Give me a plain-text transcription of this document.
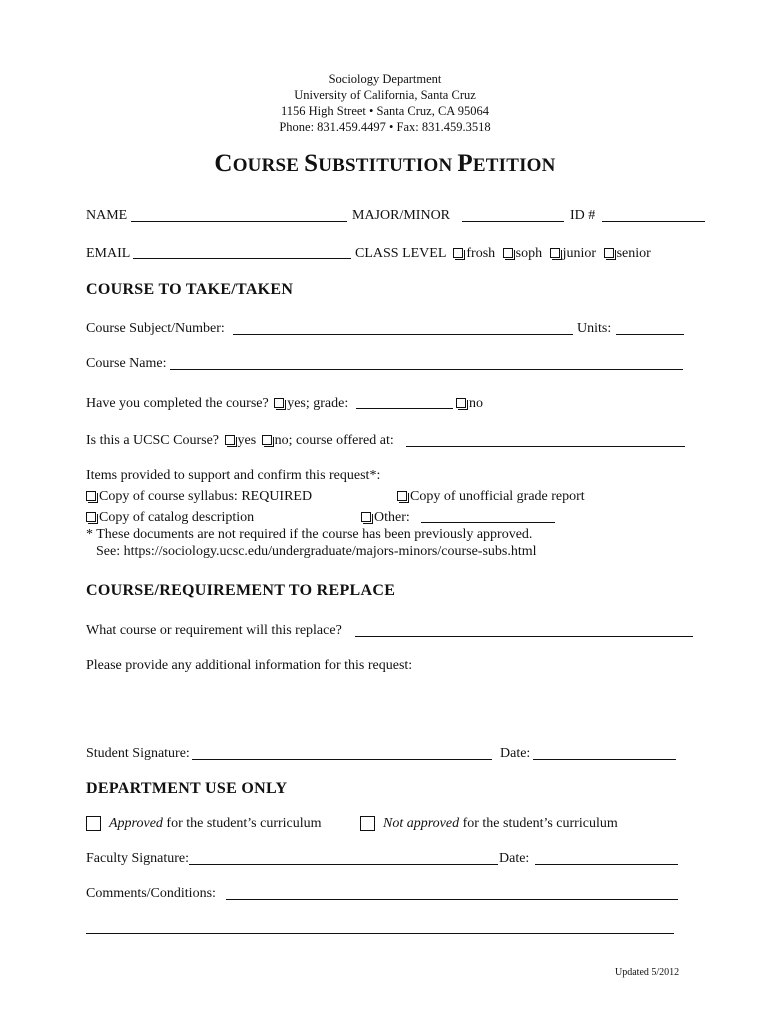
Sociology Department
University of California, Santa Cruz
1156 High Street • Santa Cruz, CA 95064
Phone: 831.459.4497 • Fax: 831.459.3518
COURSE SUBSTITUTION PETITION
NAME	MAJOR/MINOR	ID #
EMAIL	CLASS LEVEL frosh soph junior senior
COURSE TO TAKE/TAKEN
Course Subject/Number:	Units:
Course Name:
Have you completed the course? yes; grade:	no
Is this a UCSC Course? yes no; course offered at:
Items provided to support and confirm this request*:
Copy of course syllabus: REQUIRED	Copy of unofficial grade report
Copy of catalog description	Other:
* These documents are not required if the course has been previously approved.
See: https://sociology.ucsc.edu/undergraduate/majors-minors/course-subs.html
COURSE/REQUIREMENT TO REPLACE
What course or requirement will this replace?
Please provide any additional information for this request:
Student Signature:	Date:
DEPARTMENT USE ONLY
Approved for the student’s curriculum	Not approved for the student’s curriculum
Faculty Signature:	Date:
Comments/Conditions:
Updated 5/2012
